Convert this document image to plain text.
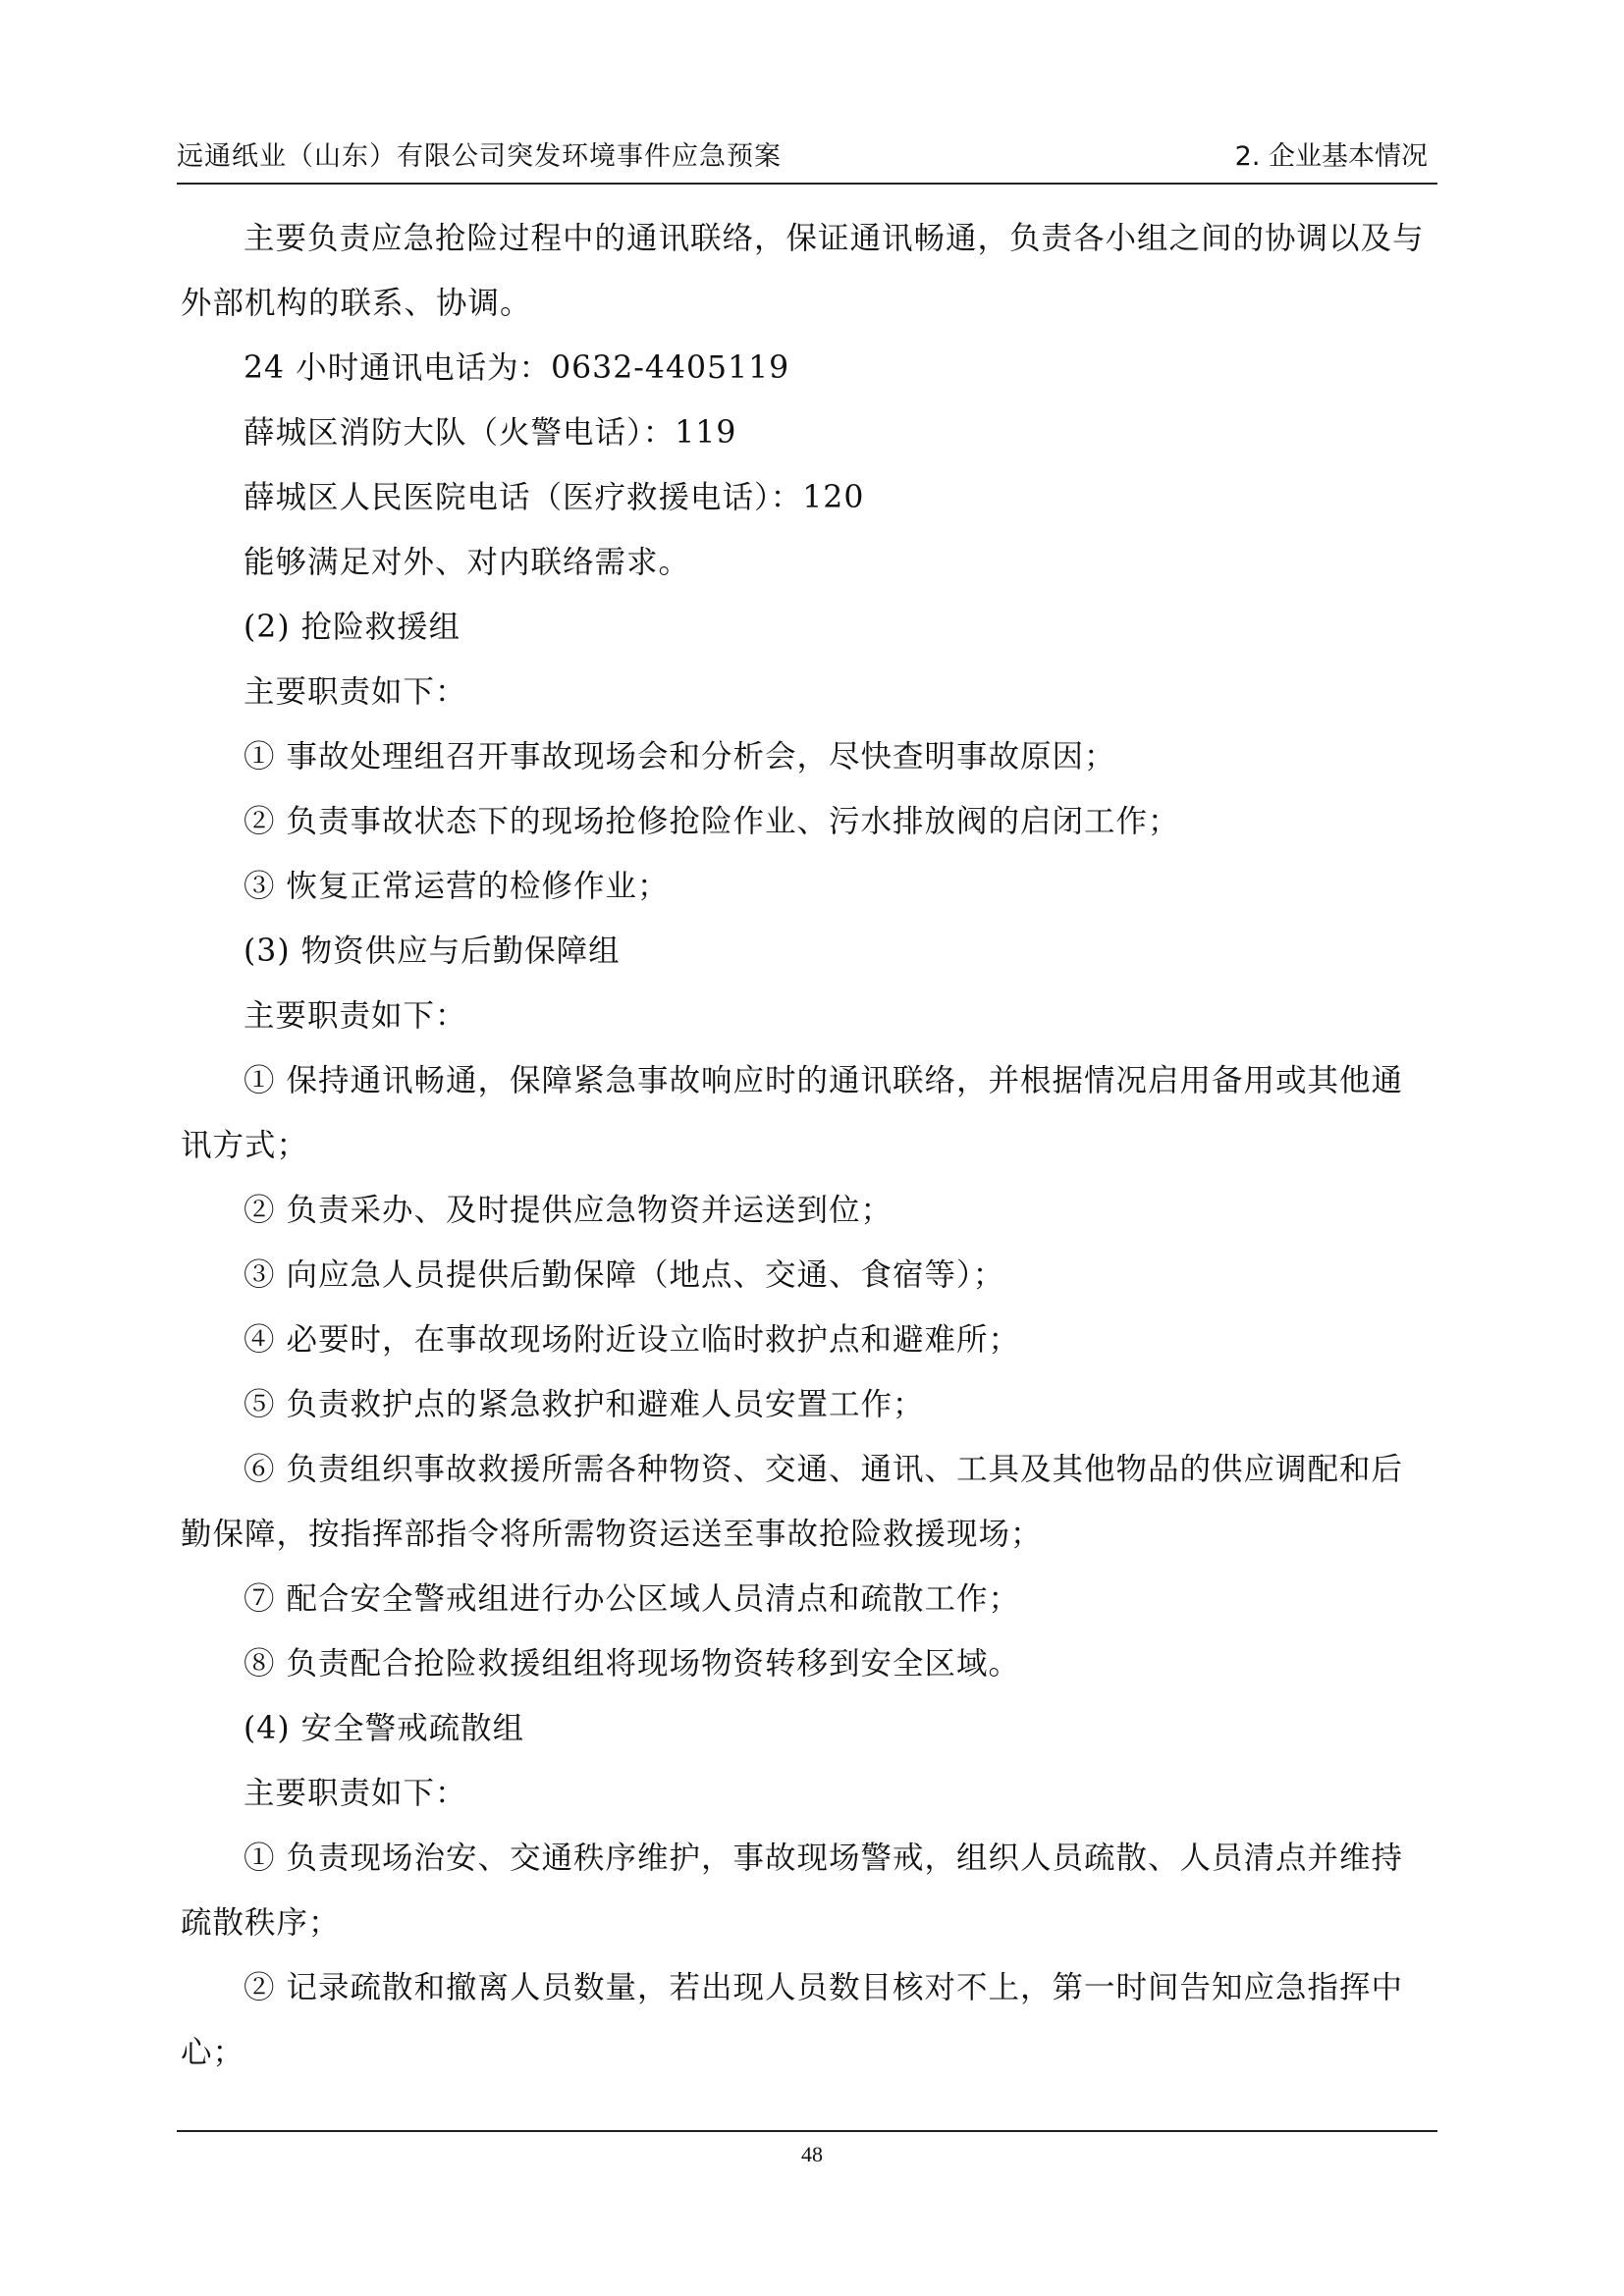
远通纸业（山东）有限公司突发环境事件应急预案	2. 企业基本情况

主要负责应急抢险过程中的通讯联络，保证通讯畅通，负责各小组之间的协调以及与外部机构的联系、协调。

24 小时通讯电话为：0632-4405119

薛城区消防大队（火警电话）：119

薛城区人民医院电话（医疗救援电话）：120

能够满足对外、对内联络需求。

(2) 抢险救援组

主要职责如下：

① 事故处理组召开事故现场会和分析会，尽快查明事故原因；

② 负责事故状态下的现场抢修抢险作业、污水排放阀的启闭工作；

③ 恢复正常运营的检修作业；

(3) 物资供应与后勤保障组

主要职责如下：

① 保持通讯畅通，保障紧急事故响应时的通讯联络，并根据情况启用备用或其他通讯方式；

② 负责采办、及时提供应急物资并运送到位；

③ 向应急人员提供后勤保障（地点、交通、食宿等）；

④ 必要时，在事故现场附近设立临时救护点和避难所；

⑤ 负责救护点的紧急救护和避难人员安置工作；

⑥ 负责组织事故救援所需各种物资、交通、通讯、工具及其他物品的供应调配和后勤保障，按指挥部指令将所需物资运送至事故抢险救援现场；

⑦ 配合安全警戒组进行办公区域人员清点和疏散工作；

⑧ 负责配合抢险救援组组将现场物资转移到安全区域。

(4) 安全警戒疏散组

主要职责如下：

① 负责现场治安、交通秩序维护，事故现场警戒，组织人员疏散、人员清点并维持疏散秩序；

② 记录疏散和撤离人员数量，若出现人员数目核对不上，第一时间告知应急指挥中心；

48
